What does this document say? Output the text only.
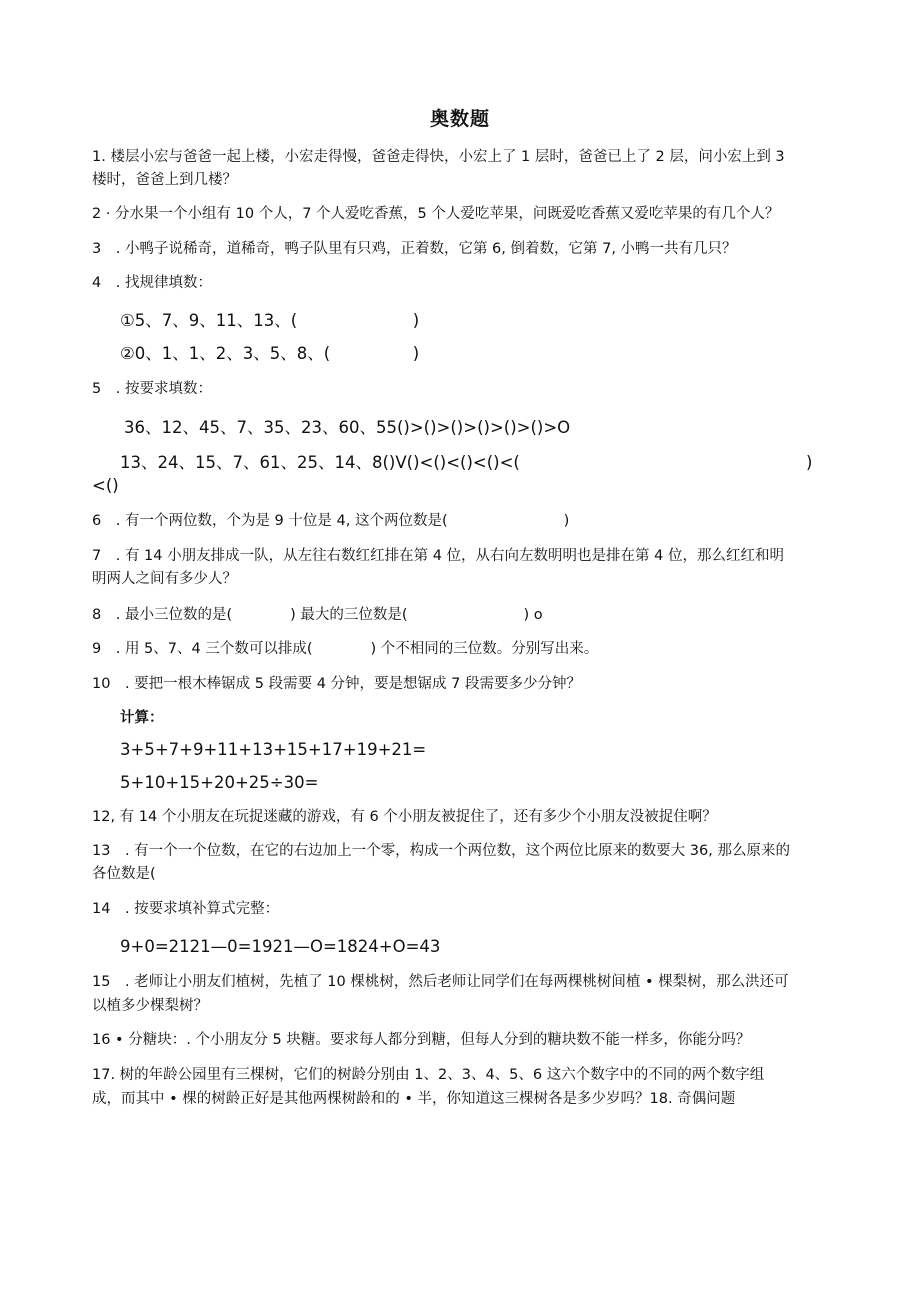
奥数题
1. 楼层小宏与爸爸一起上楼，小宏走得慢，爸爸走得快，小宏上了 1 层时，爸爸已上了 2 层，问小宏上到 3
楼时，爸爸上到几楼？
2 · 分水果一个小组有 10 个人，7 个人爱吃香蕉，5 个人爱吃苹果，问既爱吃香蕉又爱吃苹果的有几个人？
3　. 小鸭子说稀奇，道稀奇，鸭子队里有只鸡，正着数，它第 6, 倒着数，它第 7, 小鸭一共有几只？
4　. 找规律填数：
①5、7、9、11、13、(　　　　　　　)
②0、1、1、2、3、5、8、(　　　　　)
5　. 按要求填数：
36、12、45、7、35、23、60、55()>()>()>()>()>()>O
13、24、15、7、61、25、14、8()V()<()<()<()<(	)
<()
6　. 有一个两位数，个为是 9 十位是 4, 这个两位数是(　　　　　　　　)
7　. 有 14 小朋友排成一队，从左往右数红红排在第 4 位，从右向左数明明也是排在第 4 位，那么红红和明
明两人之间有多少人？
8　. 最小三位数的是(　　　　) 最大的三位数是(　　　　　　　　) o
9　. 用 5、7、4 三个数可以排成(　　　　) 个不相同的三位数。分别写出来。
10　. 要把一根木棒锯成 5 段需要 4 分钟，要是想锯成 7 段需要多少分钟？
计算：
3+5+7+9+11+13+15+17+19+21=
5+10+15+20+25÷30=
12, 有 14 个小朋友在玩捉迷藏的游戏，有 6 个小朋友被捉住了，还有多少个小朋友没被捉住啊？
13　. 有一个一个位数，在它的右边加上一个零，构成一个两位数，这个两位比原来的数要大 36, 那么原来的
各位数是(
14　. 按要求填补算式完整：
9+0=2121—0=1921—O=1824+O=43
15　. 老师让小朋友们植树，先植了 10 棵桃树，然后老师让同学们在每两棵桃树间植 • 棵梨树，那么洪还可
以植多少棵梨树？
16 • 分糖块：. 个小朋友分 5 块糖。要求每人都分到糖，但每人分到的糖块数不能一样多，你能分吗？
17. 树的年龄公园里有三棵树，它们的树龄分别由 1、2、3、4、5、6 这六个数字中的不同的两个数字组
成，而其中 • 棵的树龄正好是其他两棵树龄和的 • 半，你知道这三棵树各是多少岁吗？18. 奇偶问题
